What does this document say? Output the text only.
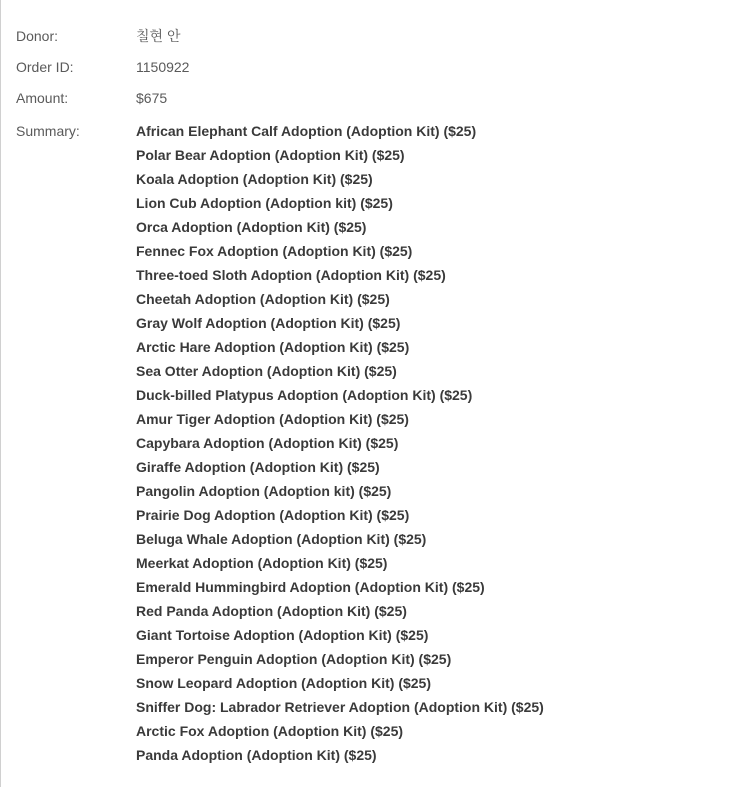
Donor:	칠현 안
Order ID:	1150922
Amount:	$675
Summary:	African Elephant Calf Adoption (Adoption Kit) ($25)
Polar Bear Adoption (Adoption Kit) ($25)
Koala Adoption (Adoption Kit) ($25)
Lion Cub Adoption (Adoption kit) ($25)
Orca Adoption (Adoption Kit) ($25)
Fennec Fox Adoption (Adoption Kit) ($25)
Three-toed Sloth Adoption (Adoption Kit) ($25)
Cheetah Adoption (Adoption Kit) ($25)
Gray Wolf Adoption (Adoption Kit) ($25)
Arctic Hare Adoption (Adoption Kit) ($25)
Sea Otter Adoption (Adoption Kit) ($25)
Duck-billed Platypus Adoption (Adoption Kit) ($25)
Amur Tiger Adoption (Adoption Kit) ($25)
Capybara Adoption (Adoption Kit) ($25)
Giraffe Adoption (Adoption Kit) ($25)
Pangolin Adoption (Adoption kit) ($25)
Prairie Dog Adoption (Adoption Kit) ($25)
Beluga Whale Adoption (Adoption Kit) ($25)
Meerkat Adoption (Adoption Kit) ($25)
Emerald Hummingbird Adoption (Adoption Kit) ($25)
Red Panda Adoption (Adoption Kit) ($25)
Giant Tortoise Adoption (Adoption Kit) ($25)
Emperor Penguin Adoption (Adoption Kit) ($25)
Snow Leopard Adoption (Adoption Kit) ($25)
Sniffer Dog: Labrador Retriever Adoption (Adoption Kit) ($25)
Arctic Fox Adoption (Adoption Kit) ($25)
Panda Adoption (Adoption Kit) ($25)
